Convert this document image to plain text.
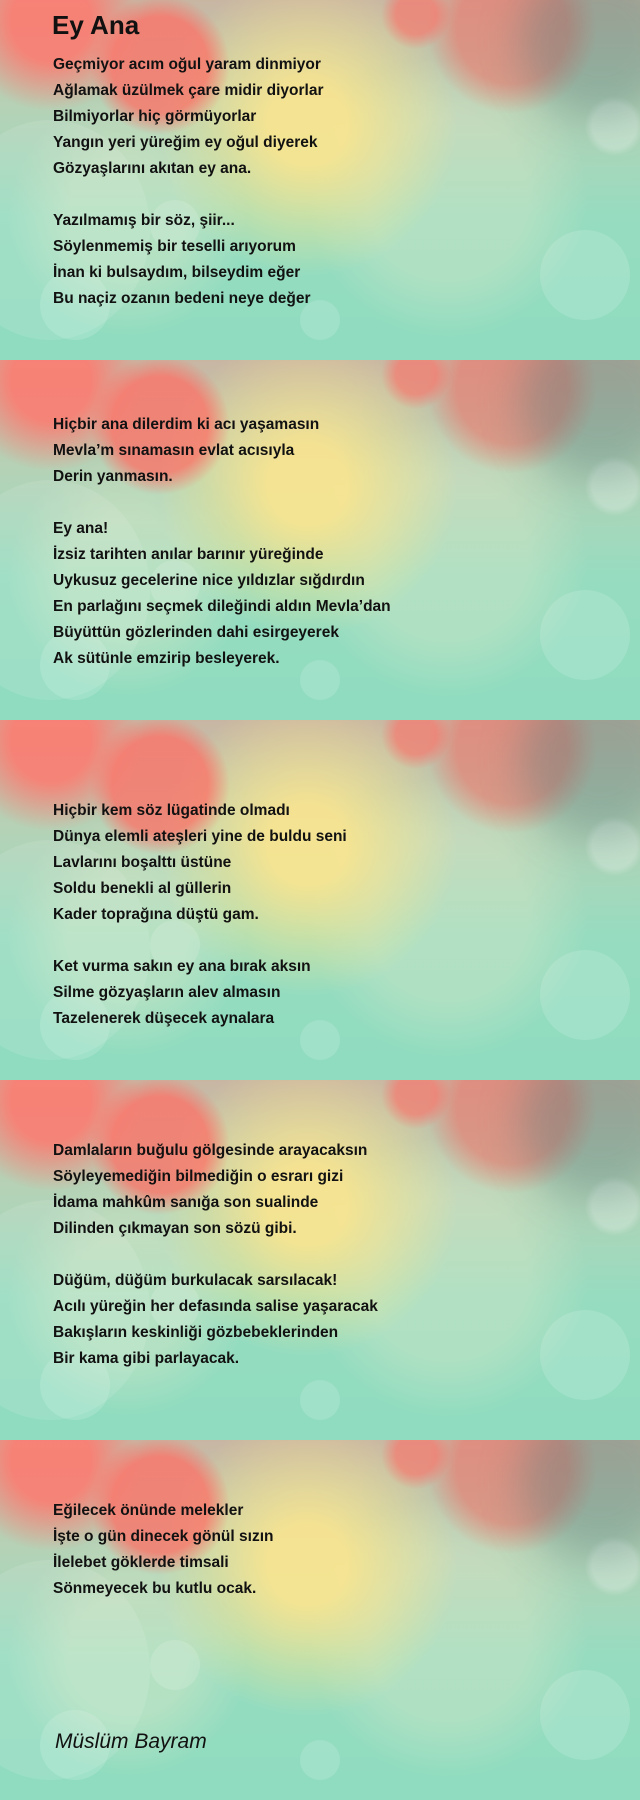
Ey Ana
Geçmiyor acım oğul yaram dinmiyor
Ağlamak üzülmek çare midir diyorlar
Bilmiyorlar hiç görmüyorlar
Yangın yeri yüreğim ey oğul diyerek
Gözyaşlarını akıtan ey ana.
Yazılmamış bir söz, şiir...
Söylenmemiş bir teselli arıyorum
İnan ki bulsaydım, bilseydim eğer
Bu naçiz ozanın bedeni neye değer
Hiçbir ana dilerdim ki acı yaşamasın
Mevla’m sınamasın evlat acısıyla
Derin yanmasın.
Ey ana!
İzsiz tarihten anılar barınır yüreğinde
Uykusuz gecelerine nice yıldızlar sığdırdın
En parlağını seçmek dileğindi aldın Mevla’dan
Büyüttün gözlerinden dahi esirgeyerek
Ak sütünle emzirip besleyerek.
Hiçbir kem söz lügatinde olmadı
Dünya elemli ateşleri yine de buldu seni
Lavlarını boşalttı üstüne
Soldu benekli al güllerin
Kader toprağına düştü gam.
Ket vurma sakın ey ana bırak aksın
Silme gözyaşların alev almasın
Tazelenerek düşecek aynalara
Damlaların buğulu gölgesinde arayacaksın
Söyleyemediğin bilmediğin o esrarı gizi
İdama mahkûm sanığa son sualinde
Dilinden çıkmayan son sözü gibi.
Düğüm, düğüm burkulacak sarsılacak!
Acılı yüreğin her defasında salise yaşaracak
Bakışların keskinliği gözbebeklerinden
Bir kama gibi parlayacak.
Eğilecek önünde melekler
İşte o gün dinecek gönül sızın
İlelebet göklerde timsali
Sönmeyecek bu kutlu ocak.
Müslüm Bayram
